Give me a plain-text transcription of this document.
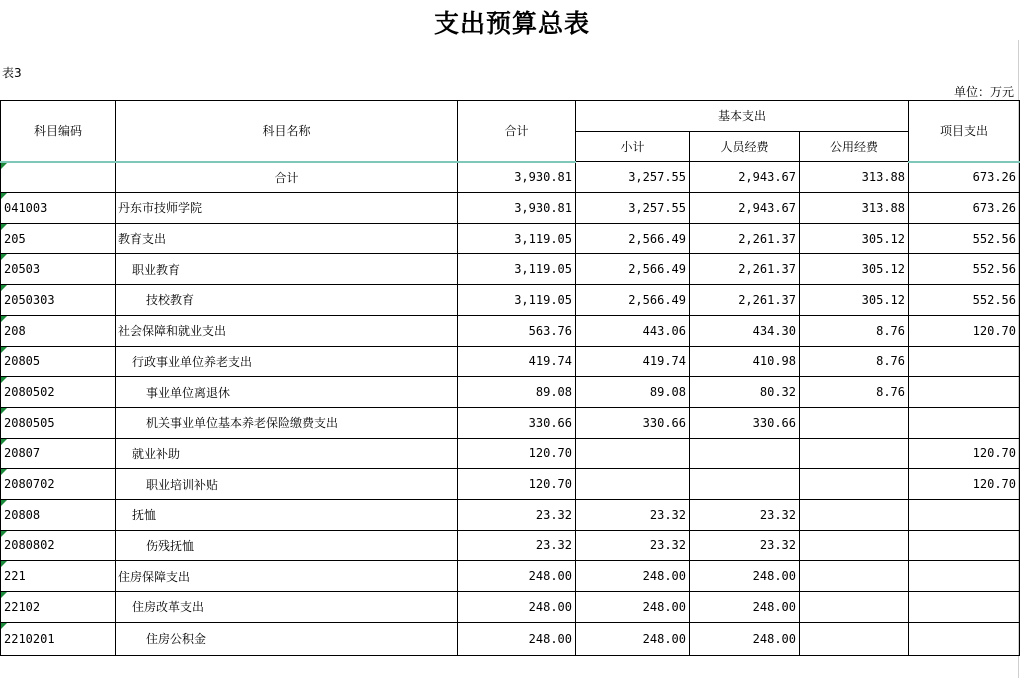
支出预算总表
表3
单位：万元
科目编码	科目名称	合计	基本支出			项目支出
			小计	人员经费	公用经费	

	合计	3,930.81	3,257.55	2,943.67	313.88	673.26

041003	丹东市技师学院	3,930.81	3,257.55	2,943.67	313.88	673.26

205	教育支出	3,119.05	2,566.49	2,261.37	305.12	552.56

20503	职业教育	3,119.05	2,566.49	2,261.37	305.12	552.56

2050303	技校教育	3,119.05	2,566.49	2,261.37	305.12	552.56

208	社会保障和就业支出	563.76	443.06	434.30	8.76	120.70

20805	行政事业单位养老支出	419.74	419.74	410.98	8.76	

2080502	事业单位离退休	89.08	89.08	80.32	8.76	

2080505	机关事业单位基本养老保险缴费支出	330.66	330.66	330.66		

20807	就业补助	120.70				120.70

2080702	职业培训补贴	120.70				120.70

20808	抚恤	23.32	23.32	23.32		

2080802	伤残抚恤	23.32	23.32	23.32		

221	住房保障支出	248.00	248.00	248.00		

22102	住房改革支出	248.00	248.00	248.00		

2210201	住房公积金	248.00	248.00	248.00		
